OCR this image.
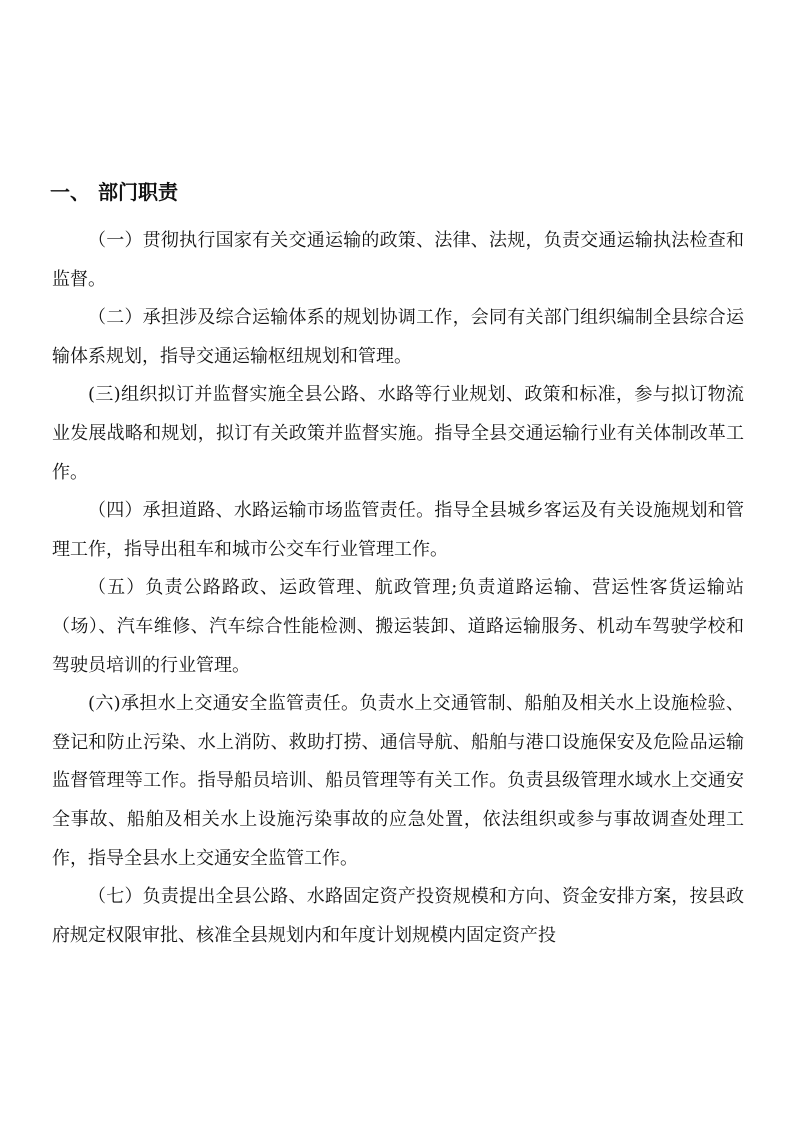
一、 部门职责

（一）贯彻执行国家有关交通运输的政策、法律、法规，负责交通运输执法检查和监督。

（二）承担涉及综合运输体系的规划协调工作，会同有关部门组织编制全县综合运输体系规划，指导交通运输枢纽规划和管理。

(三)组织拟订并监督实施全县公路、水路等行业规划、政策和标准，参与拟订物流业发展战略和规划，拟订有关政策并监督实施。指导全县交通运输行业有关体制改革工作。

（四）承担道路、水路运输市场监管责任。指导全县城乡客运及有关设施规划和管理工作，指导出租车和城市公交车行业管理工作。

（五）负责公路路政、运政管理、航政管理;负责道路运输、营运性客货运输站（场）、汽车维修、汽车综合性能检测、搬运装卸、道路运输服务、机动车驾驶学校和驾驶员培训的行业管理。

(六)承担水上交通安全监管责任。负责水上交通管制、船舶及相关水上设施检验、登记和防止污染、水上消防、救助打捞、通信导航、船舶与港口设施保安及危险品运输监督管理等工作。指导船员培训、船员管理等有关工作。负责县级管理水域水上交通安全事故、船舶及相关水上设施污染事故的应急处置，依法组织或参与事故调查处理工作，指导全县水上交通安全监管工作。

（七）负责提出全县公路、水路固定资产投资规模和方向、资金安排方案，按县政府规定权限审批、核准全县规划内和年度计划规模内固定资产投
